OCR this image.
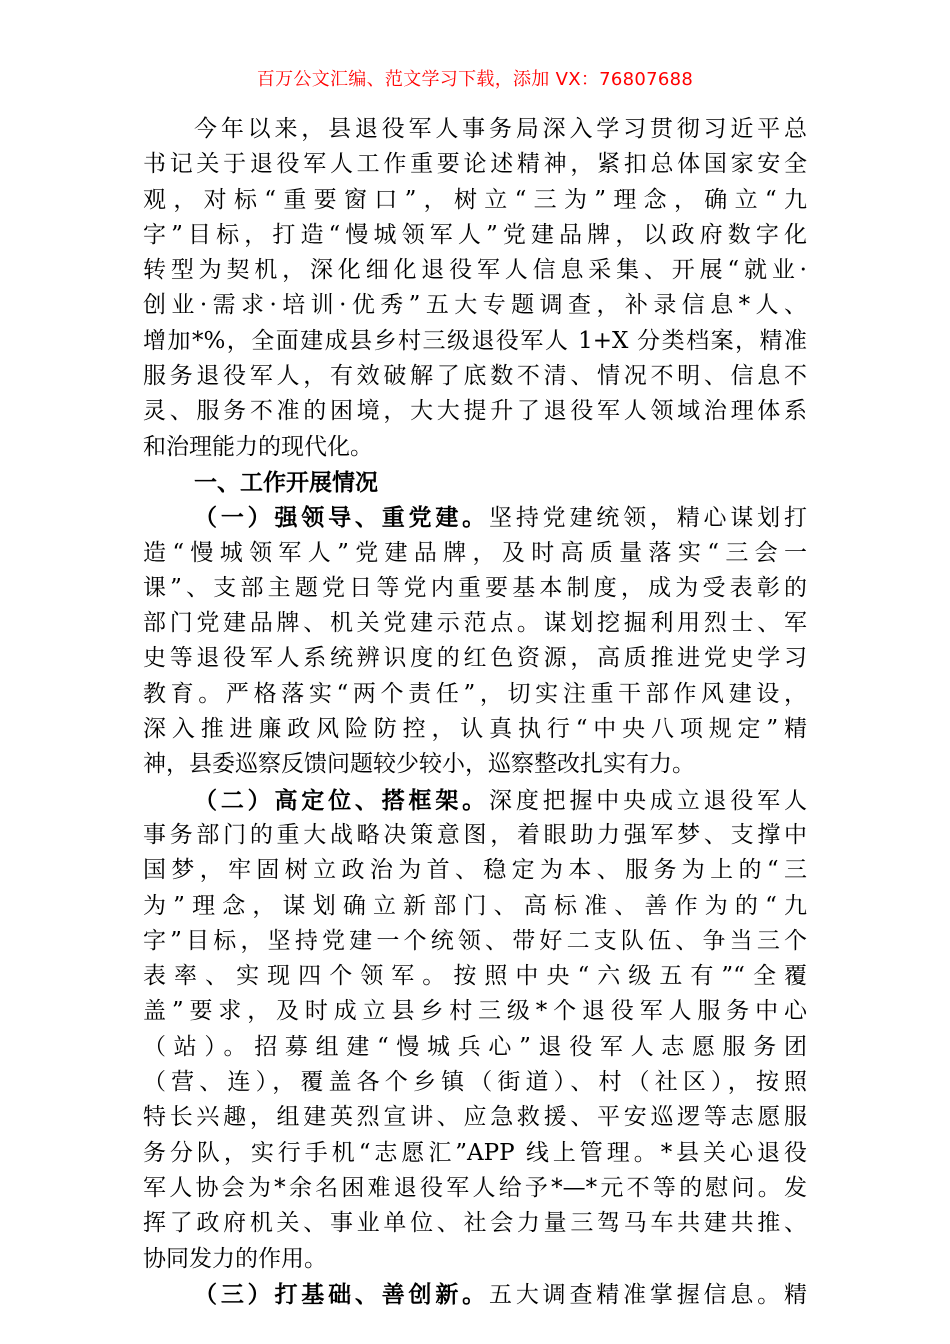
百万公文汇编、范文学习下载，添加 VX：76807688
今年以来，县退役军人事务局深入学习贯彻习近平总
书记关于退役军人工作重要论述精神，紧扣总体国家安全
观，对标“重要窗口”，树立“三为”理念，确立“九
字”目标，打造“慢城领军人”党建品牌，以政府数字化
转型为契机，深化细化退役军人信息采集、开展“就业·
创业·需求·培训·优秀”五大专题调查，补录信息*人、
增加*%，全面建成县乡村三级退役军人 1+X 分类档案，精准
服务退役军人，有效破解了底数不清、情况不明、信息不
灵、服务不准的困境，大大提升了退役军人领域治理体系
和治理能力的现代化。
一、工作开展情况
（一）强领导、重党建。坚持党建统领，精心谋划打
造“慢城领军人”党建品牌，及时高质量落实“三会一
课”、支部主题党日等党内重要基本制度，成为受表彰的
部门党建品牌、机关党建示范点。谋划挖掘利用烈士、军
史等退役军人系统辨识度的红色资源，高质推进党史学习
教育。严格落实“两个责任”，切实注重干部作风建设，
深入推进廉政风险防控，认真执行“中央八项规定”精
神，县委巡察反馈问题较少较小，巡察整改扎实有力。
（二）高定位、搭框架。深度把握中央成立退役军人
事务部门的重大战略决策意图，着眼助力强军梦、支撑中
国梦，牢固树立政治为首、稳定为本、服务为上的“三
为”理念，谋划确立新部门、高标准、善作为的“九
字”目标，坚持党建一个统领、带好二支队伍、争当三个
表率、实现四个领军。按照中央“六级五有”“全覆
盖”要求，及时成立县乡村三级*个退役军人服务中心
（站）。招募组建“慢城兵心”退役军人志愿服务团
（营、连），覆盖各个乡镇（街道）、村（社区），按照
特长兴趣，组建英烈宣讲、应急救援、平安巡逻等志愿服
务分队，实行手机“志愿汇”APP 线上管理。*县关心退役
军人协会为*余名困难退役军人给予*—*元不等的慰问。发
挥了政府机关、事业单位、社会力量三驾马车共建共推、
协同发力的作用。
（三）打基础、善创新。五大调查精准掌握信息。精
